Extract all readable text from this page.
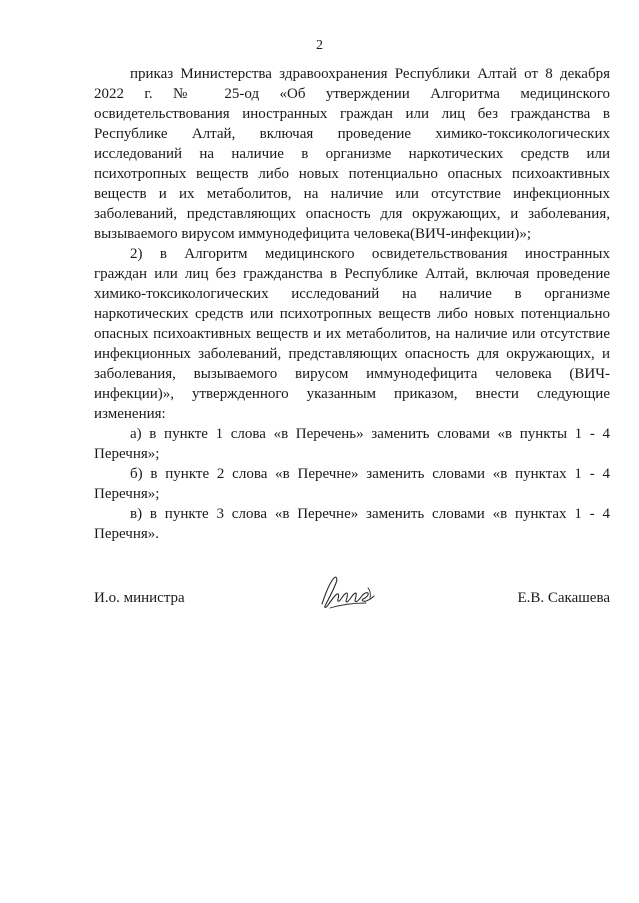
2
приказ Министерства здравоохранения Республики Алтай от 8 декабря
2022 г. № 25-од «Об утверждении Алгоритма медицинского
освидетельствования иностранных граждан или лиц без гражданства в
Республике Алтай, включая проведение химико-токсикологических
исследований на наличие в организме наркотических средств или
психотропных веществ либо новых потенциально опасных психоактивных
веществ и их метаболитов, на наличие или отсутствие инфекционных
заболеваний, представляющих опасность для окружающих, и заболевания,
вызываемого вирусом иммунодефицита человека(ВИЧ-инфекции)»;
2) в Алгоритм медицинского освидетельствования иностранных
граждан или лиц без гражданства в Республике Алтай, включая проведение
химико-токсикологических исследований на наличие в организме
наркотических средств или психотропных веществ либо новых потенциально
опасных психоактивных веществ и их метаболитов, на наличие или отсутствие
инфекционных заболеваний, представляющих опасность для окружающих, и
заболевания, вызываемого вирусом иммунодефицита человека (ВИЧ-
инфекции)», утвержденного указанным приказом, внести следующие
изменения:
а) в пункте 1 слова «в Перечень» заменить словами «в пункты 1 - 4
Перечня»;
б) в пункте 2 слова «в Перечне» заменить словами «в пунктах 1 - 4
Перечня»;
в) в пункте 3 слова «в Перечне» заменить словами «в пунктах 1 - 4
Перечня».
И.о. министра	Е.В. Сакашева
